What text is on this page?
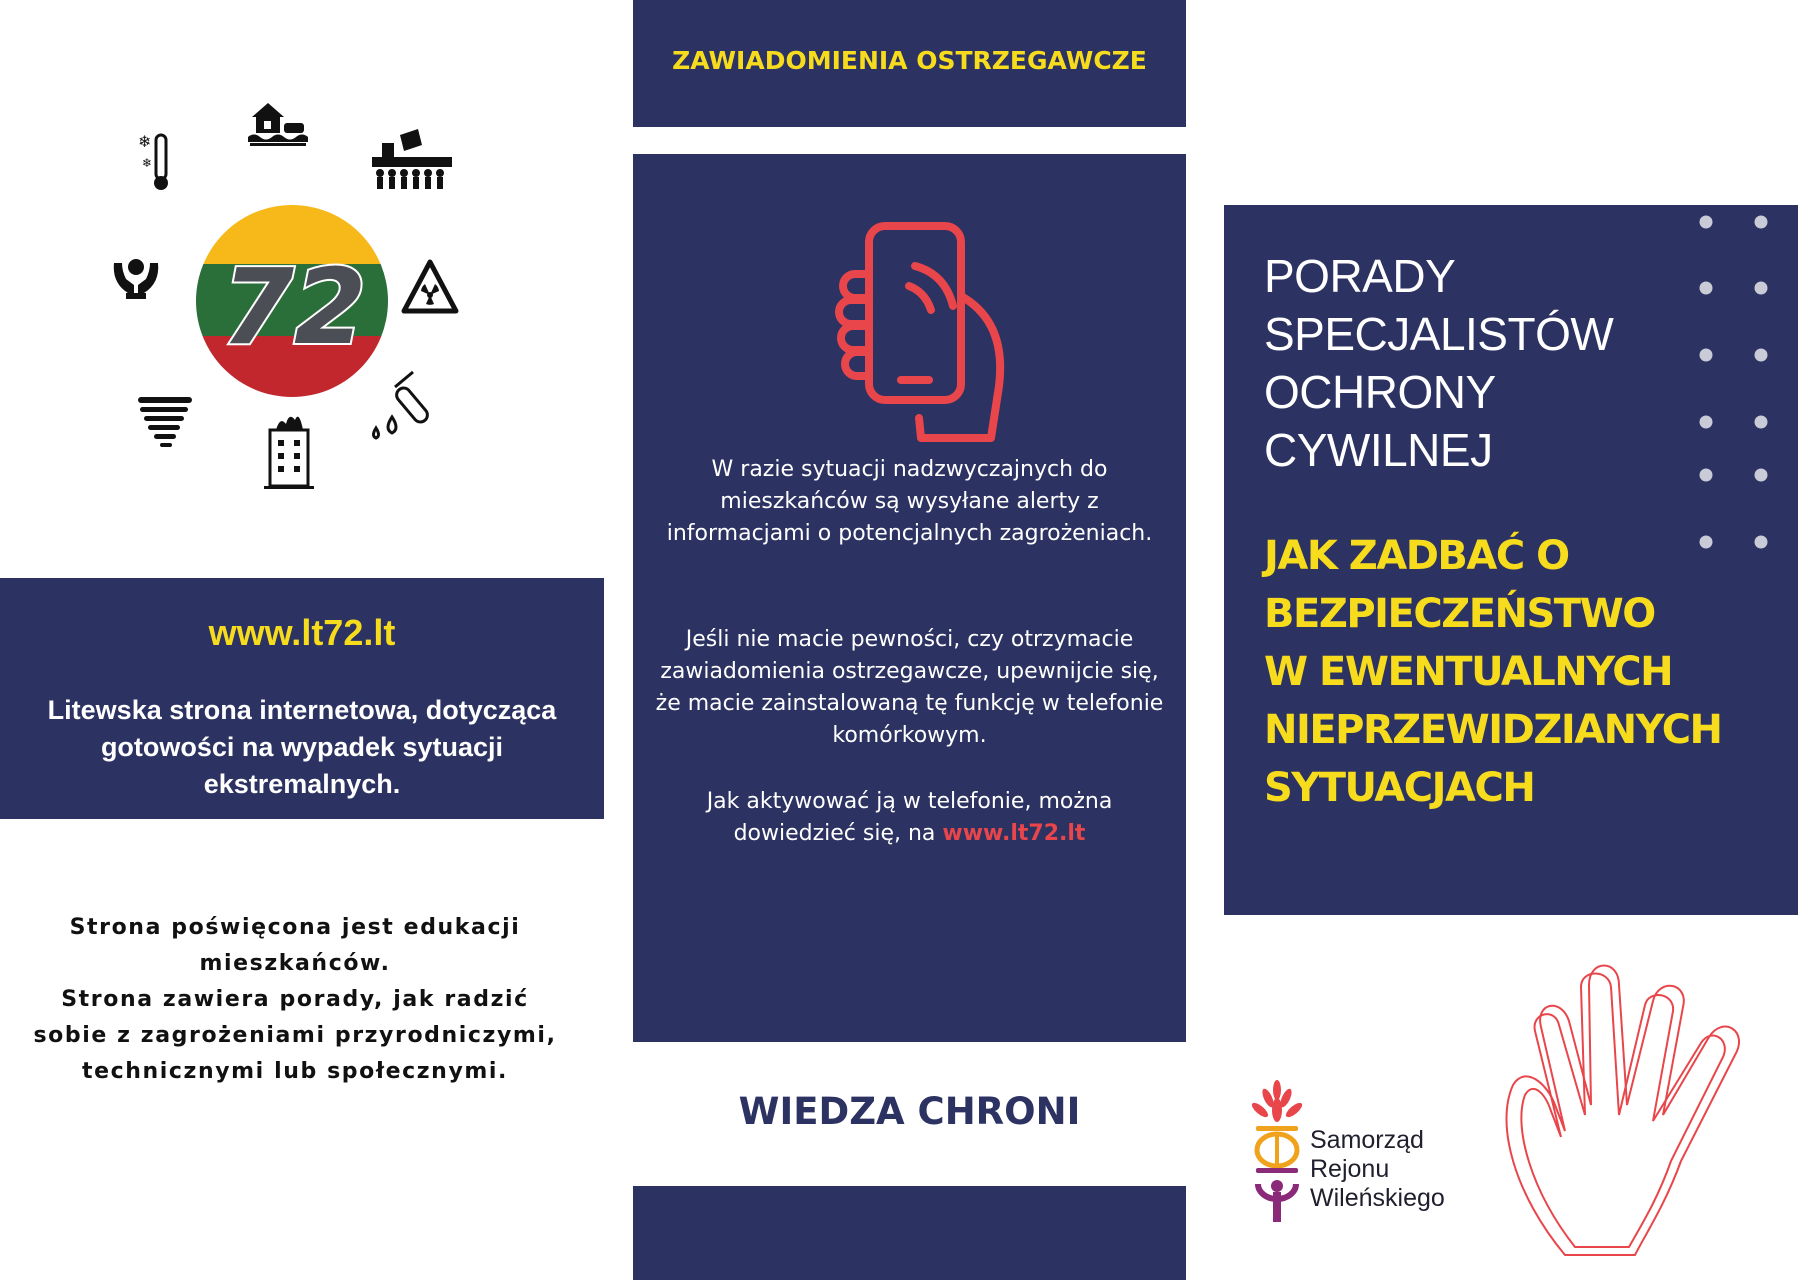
72
❄
❄
www.lt72.lt
Litewska strona internetowa, dotycząca gotowości na wypadek sytuacji ekstremalnych.
Strona poświęcona jest edukacji
mieszkańców.
Strona zawiera porady, jak radzić
sobie z zagrożeniami przyrodniczymi,
technicznymi lub społecznymi.
ZAWIADOMIENIA OSTRZEGAWCZE
W razie sytuacji nadzwyczajnych do mieszkańców są wysyłane alerty z informacjami o potencjalnych zagrożeniach.
Jeśli nie macie pewności, czy otrzymacie zawiadomienia ostrzegawcze, upewnijcie się, że macie zainstalowaną tę funkcję w telefonie komórkowym.
Jak aktywować ją w telefonie, można dowiedzieć się, na www.lt72.lt
WIEDZA CHRONI
PORADY
SPECJALISTÓW
OCHRONY
CYWILNEJ
JAK ZADBAĆ O
BEZPIECZEŃSTWO
W EWENTUALNYCH
NIEPRZEWIDZIANYCH
SYTUACJACH
Samorząd
Rejonu
Wileńskiego
